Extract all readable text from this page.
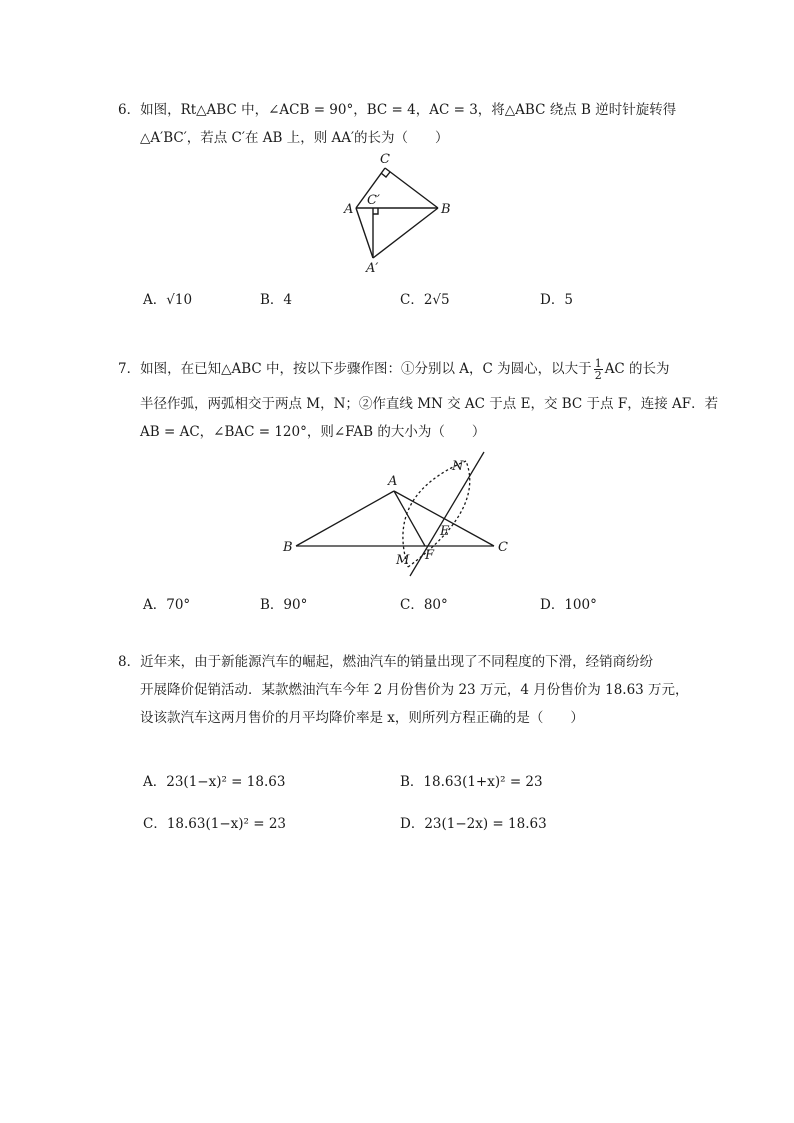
6．如图，Rt△ABC 中，∠ACB = 90°，BC = 4，AC = 3，将△ABC 绕点 B 逆时针旋转得
△A′BC′，若点 C′在 AB 上，则 AA′的长为（　　）
C
A
C′
B
A′
A．√10	B．4	C．2√5	D．5
7．如图，在已知△ABC 中，按以下步骤作图：①分别以 A，C 为圆心，以大于 $\frac{1}{2}$ AC 的长为
半径作弧，两弧相交于两点 M，N；②作直线 MN 交 AC 于点 E，交 BC 于点 F，连接 AF．若
AB = AC，∠BAC = 120°，则∠FAB 的大小为（　　）
A
B	C
E
F
M
N
A．70°	B．90°	C．80°	D．100°
8．近年来，由于新能源汽车的崛起，燃油汽车的销量出现了不同程度的下滑，经销商纷纷
开展降价促销活动．某款燃油汽车今年 2 月份售价为 23 万元，4 月份售价为 18.63 万元，
设该款汽车这两月售价的月平均降价率是 x，则所列方程正确的是（　　）
A．23(1−x)² = 18.63	B．18.63(1+x)² = 23
C．18.63(1−x)² = 23	D．23(1−2x) = 18.63
